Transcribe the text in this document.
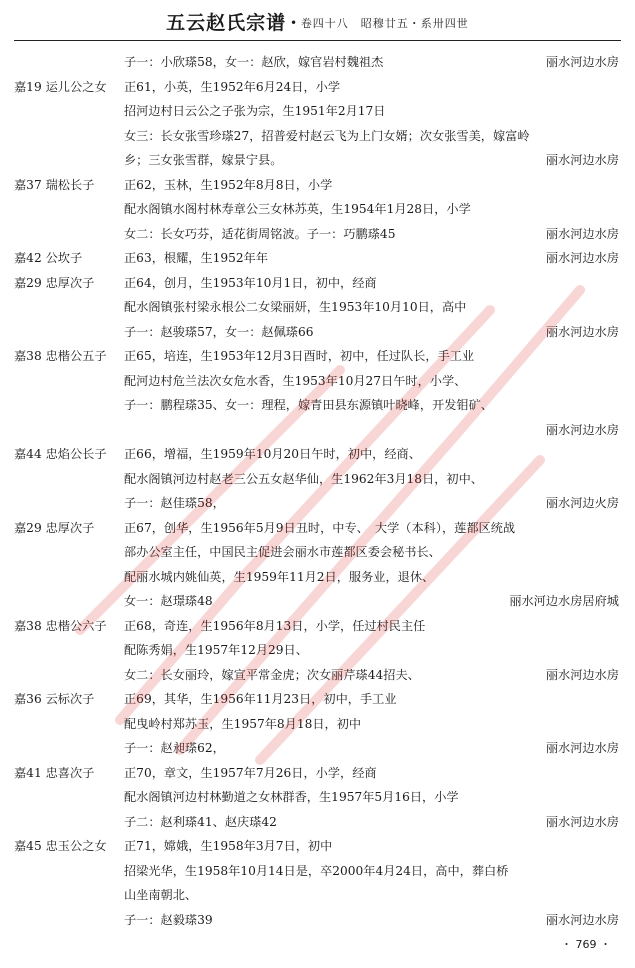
五云赵氏宗谱 · 卷四十八　昭穆廿五・系卅四世
子一：小欣瑹58，女一：赵欣，嫁官岩村魏祖杰	丽水河边水房
嘉19 运儿公之女	正61，小英，生1952年6月24日，小学
招河边村日云公之子张为宗，生1951年2月17日
女三：长女张雪珍瑹27，招普爱村赵云飞为上门女婿；次女张雪美，嫁富岭
乡；三女张雪群，嫁景宁县。	丽水河边水房
嘉37 瑞松长子	正62，玉林，生1952年8月8日，小学
配水阁镇水阁村林寿章公三女林苏英，生1954年1月28日，小学
女二：长女巧芬，适花街周铭波。子一：巧鹏瑹45	丽水河边水房
嘉42 公坎子	正63，根耀，生1952年年	丽水河边水房
嘉29 忠厚次子	正64，创月，生1953年10月1日，初中，经商
配水阁镇张村梁永根公二女梁丽妍，生1953年10月10日，高中
子一：赵骏瑹57，女一：赵佩瑹66	丽水河边水房
嘉38 忠楷公五子	正65，培连，生1953年12月3日酉时，初中，任过队长，手工业
配河边村危兰法次女危水香，生1953年10月27日午时，小学、
子一：鹏程瑹35、女一：理程，嫁青田县东源镇叶晓峰，开发钼矿、
丽水河边水房
嘉44 忠焰公长子	正66，增福，生1959年10月20日午时，初中，经商、
配水阁镇河边村赵老三公五女赵华仙，生1962年3月18日，初中、
子一：赵佳瑹58，	丽水河边火房
嘉29 忠厚次子	正67，创华，生1956年5月9日丑时，中专、　大学（本科），莲都区统战
部办公室主任，中国民主促进会丽水市莲都区委会秘书长、
配丽水城内姚仙英，生1959年11月2日，服务业，退休、
女一：赵璟瑹48	丽水河边水房居府城
嘉38 忠楷公六子	正68，奇连，生1956年8月13日，小学，任过村民主任
配陈秀娟，生1957年12月29日、
女二：长女丽玲，嫁宣平常金虎；次女丽芹瑹44招夫、	丽水河边水房
嘉36 云标次子	正69，其华，生1956年11月23日，初中，手工业
配曳岭村郑苏玉，生1957年8月18日，初中
子一：赵昶瑹62，	丽水河边水房
嘉41 忠喜次子	正70，章文，生1957年7月26日，小学，经商
配水阁镇河边村林勤道之女林群香，生1957年5月16日，小学
子二：赵利瑹41、赵庆瑹42	丽水河边水房
嘉45 忠玉公之女	正71，嫦娥，生1958年3月7日，初中
招梁光华，生1958年10月14日是，卒2000年4月24日，高中，葬白桥
山坐南朝北、
子一：赵毅瑹39	丽水河边水房
・ 769 ・
